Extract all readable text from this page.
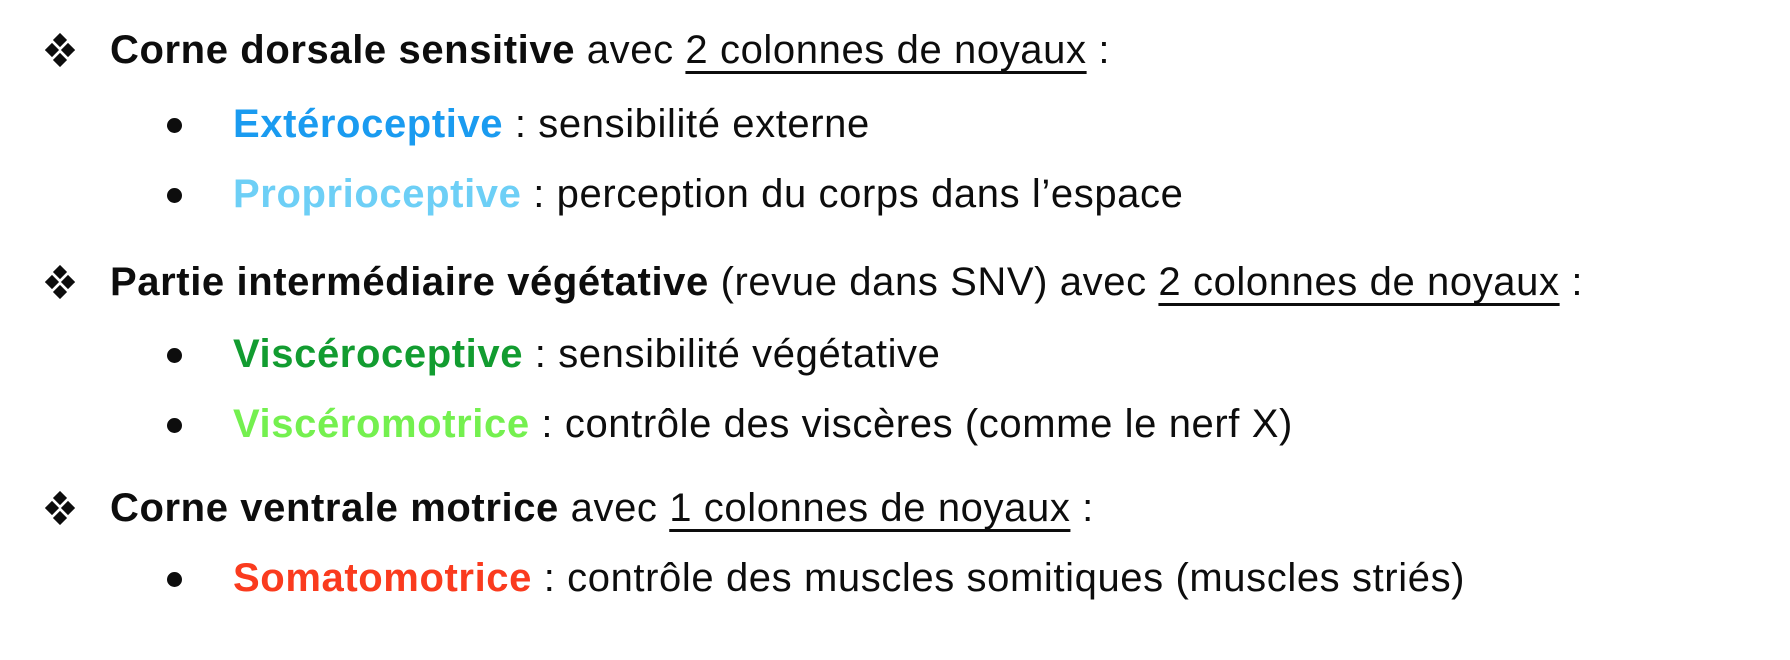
Corne dorsale sensitive avec 2 colonnes de noyaux :
Extéroceptive : sensibilité externe
Proprioceptive : perception du corps dans l’espace
Partie intermédiaire végétative (revue dans SNV) avec 2 colonnes de noyaux :
Viscéroceptive : sensibilité végétative
Viscéromotrice : contrôle des viscères (comme le nerf X)
Corne ventrale motrice avec 1 colonnes de noyaux :
Somatomotrice : contrôle des muscles somitiques (muscles striés)
